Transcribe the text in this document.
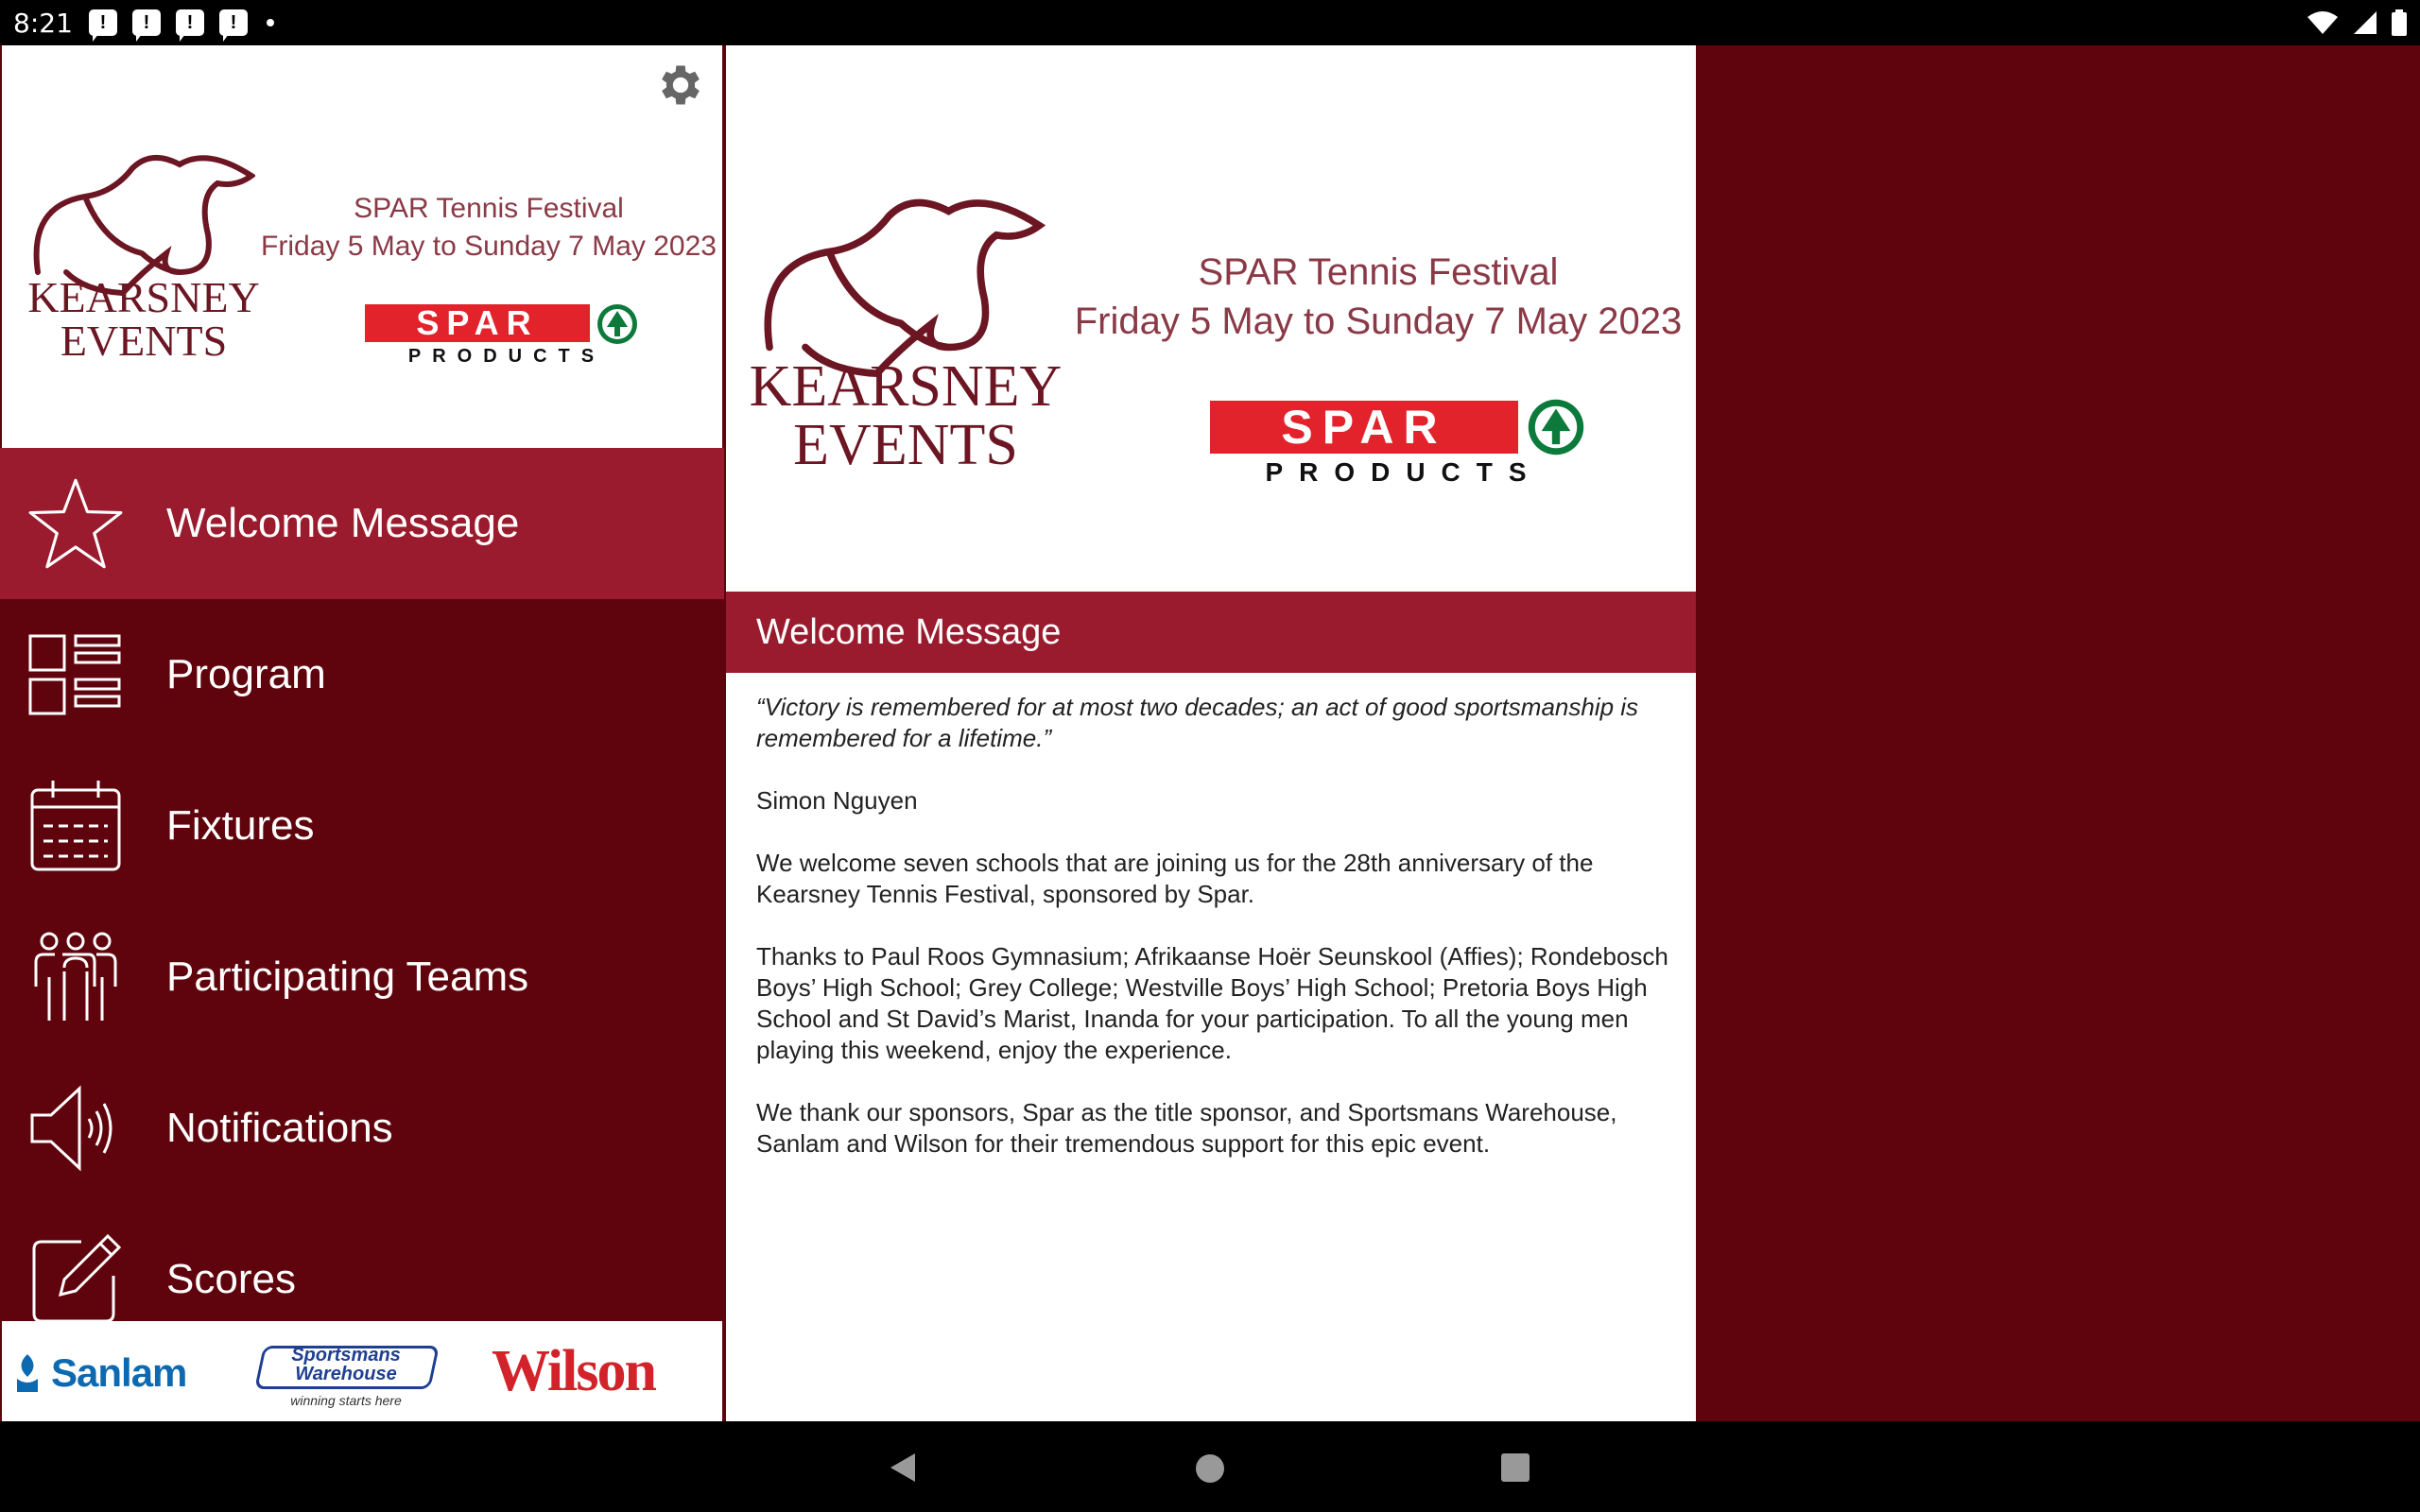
8:21	!	!	!	!
KEARSNEY
EVENTS
SPAR Tennis Festival
Friday 5 May to Sunday 7 May 2023
SPAR
PRODUCTS
Welcome Message
Program
Fixtures
Participating Teams
Notifications
Scores
Sanlam	Sportsmans
Warehouse
winning starts here	Wilson
KEARSNEY
EVENTS
SPAR Tennis Festival
Friday 5 May to Sunday 7 May 2023
SPAR
PRODUCTS
Welcome Message

“Victory is remembered for at most two decades; an act of good sportsmanship is remembered for a lifetime.”

Simon Nguyen

We welcome seven schools that are joining us for the 28th anniversary of the Kearsney Tennis Festival, sponsored by Spar.

Thanks to Paul Roos Gymnasium; Afrikaanse Hoër Seunskool (Affies); Rondebosch Boys’ High School; Grey College; Westville Boys’ High School; Pretoria Boys High School and St David’s Marist, Inanda for your participation. To all the young men playing this weekend, enjoy the experience.

We thank our sponsors, Spar as the title sponsor, and Sportsmans Warehouse, Sanlam and Wilson for their tremendous support for this epic event.
